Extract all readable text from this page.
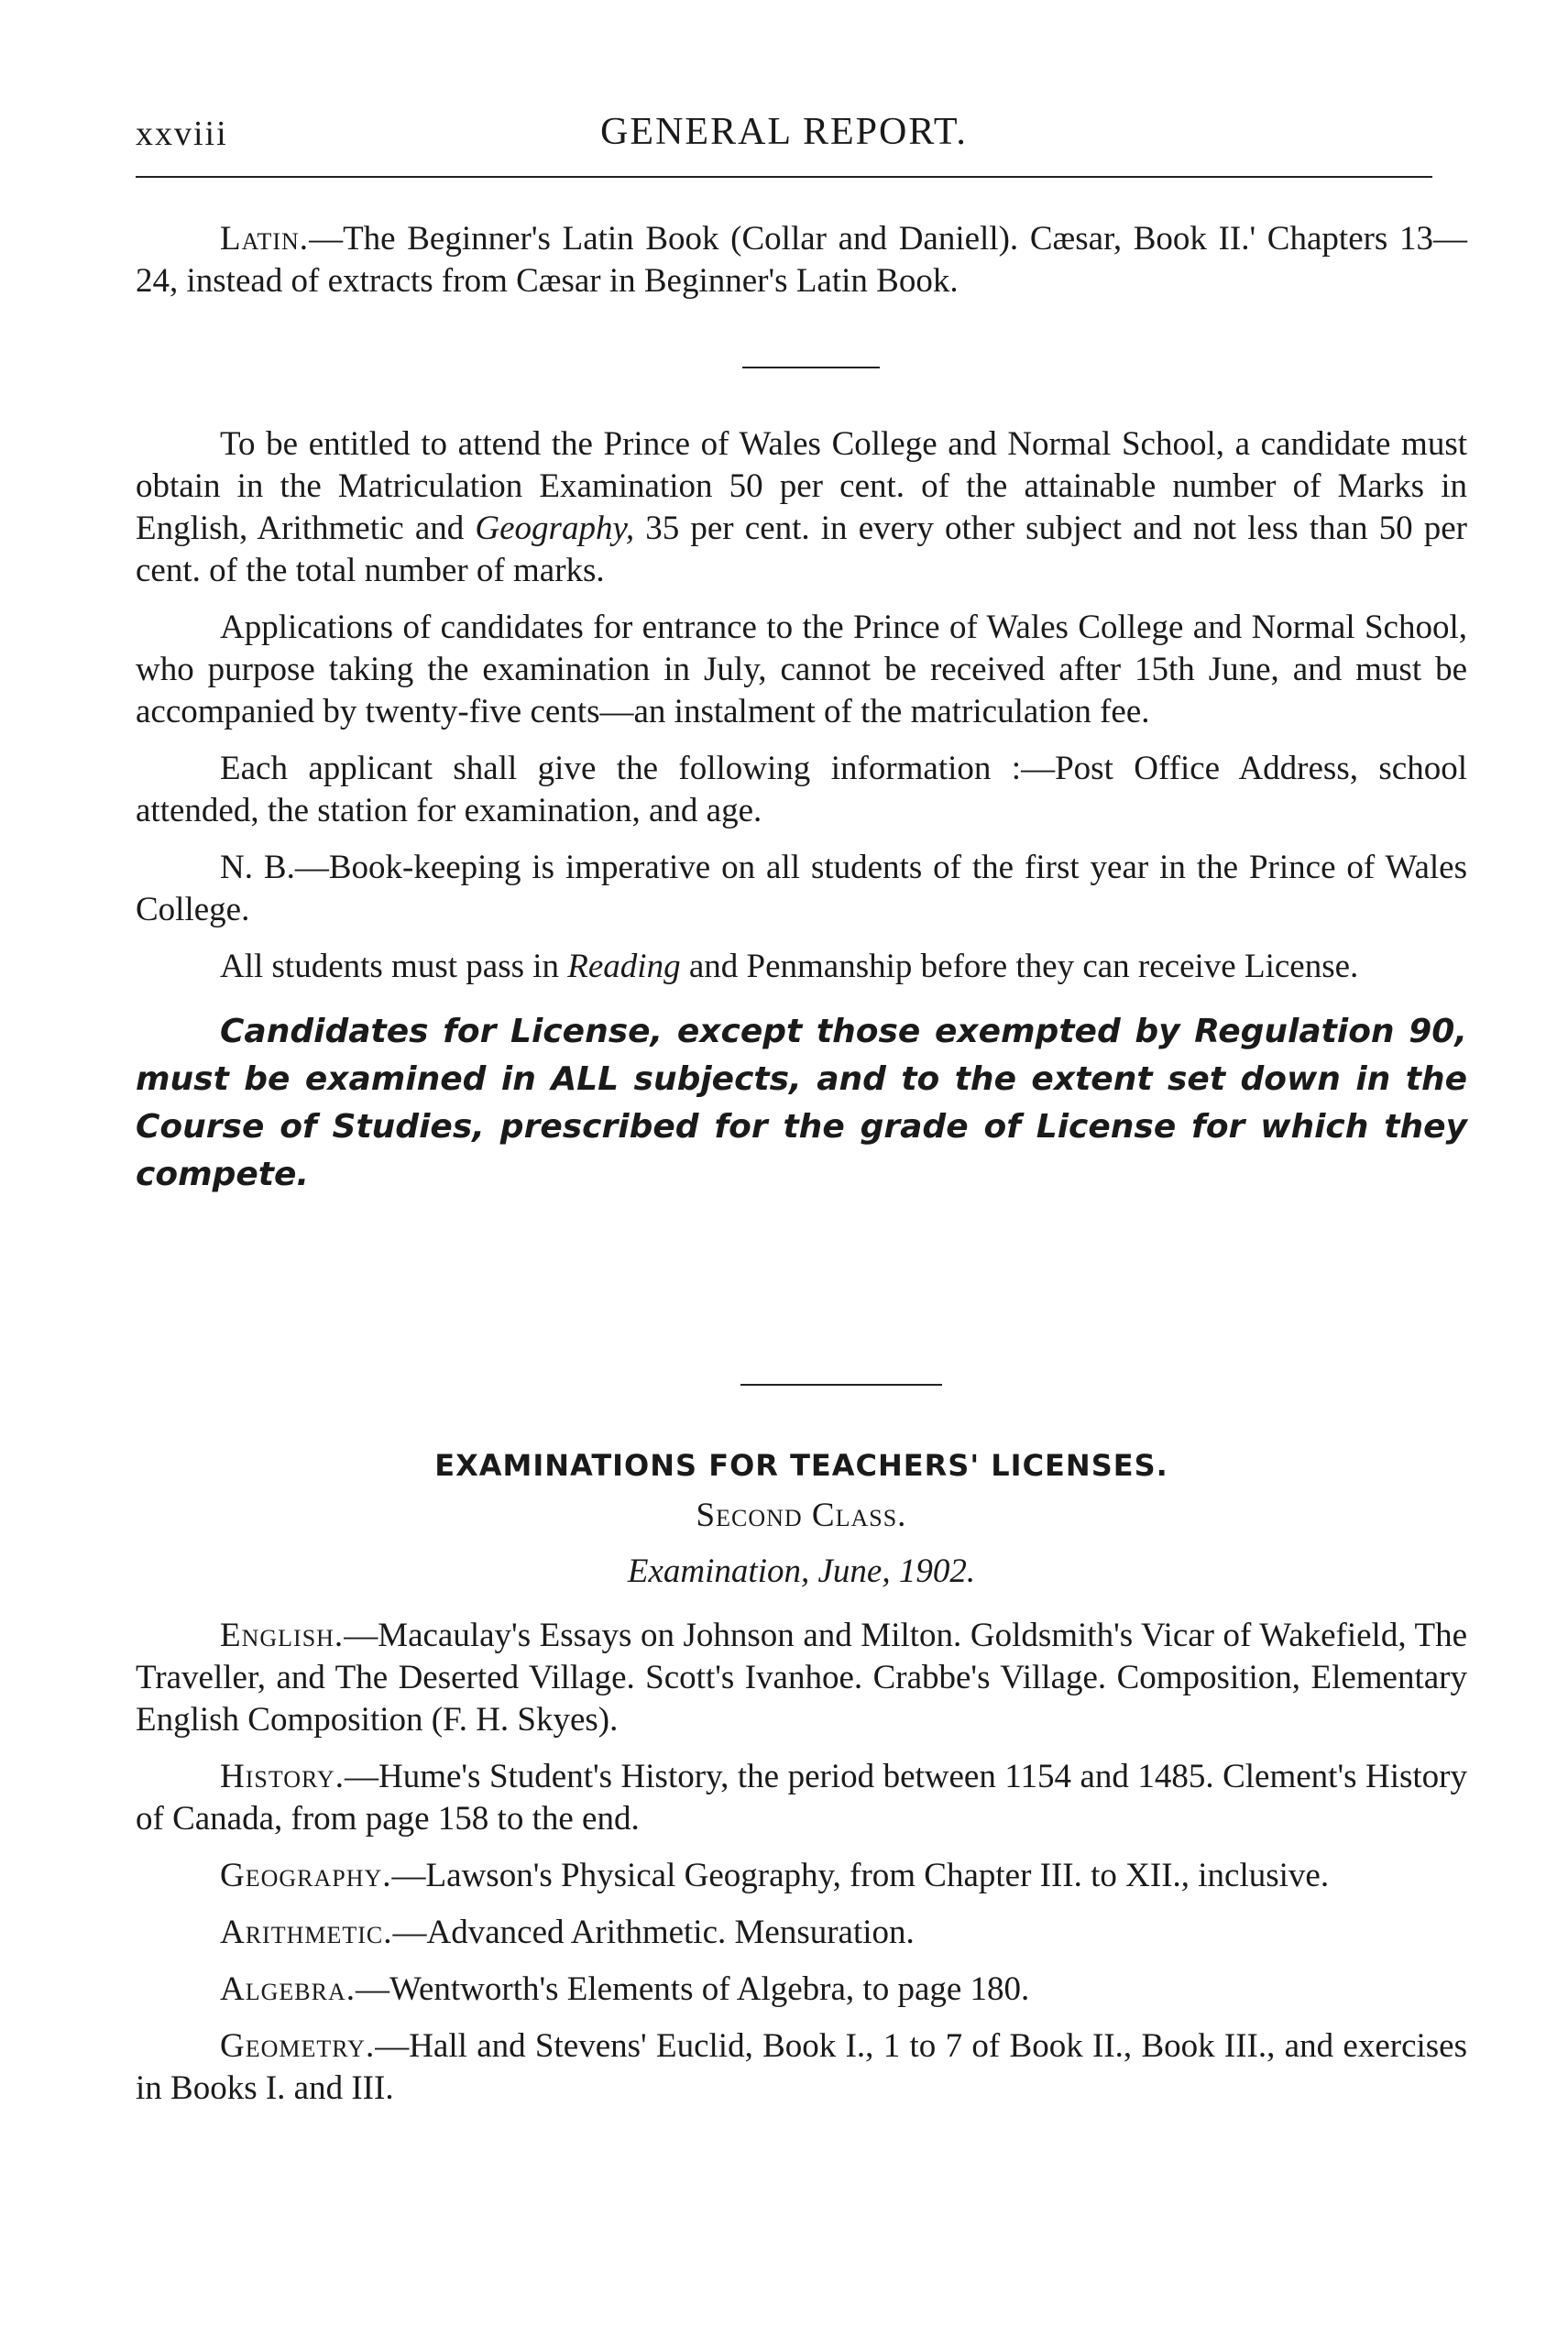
xxviii	GENERAL REPORT.

Latin.—The Beginner's Latin Book (Collar and Daniell). Cæsar, Book II.' Chapters 13—24, instead of extracts from Cæsar in Beginner's Latin Book.

To be entitled to attend the Prince of Wales College and Normal School, a candidate must obtain in the Matriculation Examination 50 per cent. of the attainable number of Marks in English, Arithmetic and Geography, 35 per cent. in every other subject and not less than 50 per cent. of the total number of marks.

Applications of candidates for entrance to the Prince of Wales College and Normal School, who purpose taking the examination in July, cannot be received after 15th June, and must be accompanied by twenty-five cents—an instalment of the matriculation fee.

Each applicant shall give the following information :—Post Office Address, school attended, the station for examination, and age.

N. B.—Book-keeping is imperative on all students of the first year in the Prince of Wales College.

All students must pass in Reading and Penmanship before they can receive License.

Candidates for License, except those exempted by Regulation 90, must be examined in ALL subjects, and to the extent set down in the Course of Studies, prescribed for the grade of License for which they compete.

EXAMINATIONS FOR TEACHERS' LICENSES.
Second Class.
Examination, June, 1902.

English.—Macaulay's Essays on Johnson and Milton. Goldsmith's Vicar of Wakefield, The Traveller, and The Deserted Village. Scott's Ivanhoe. Crabbe's Village. Composition, Elementary English Composition (F. H. Skyes).

History.—Hume's Student's History, the period between 1154 and 1485. Clement's History of Canada, from page 158 to the end.

Geography.—Lawson's Physical Geography, from Chapter III. to XII., inclusive.

Arithmetic.—Advanced Arithmetic. Mensuration.

Algebra.—Wentworth's Elements of Algebra, to page 180.

Geometry.—Hall and Stevens' Euclid, Book I., 1 to 7 of Book II., Book III., and exercises in Books I. and III.
